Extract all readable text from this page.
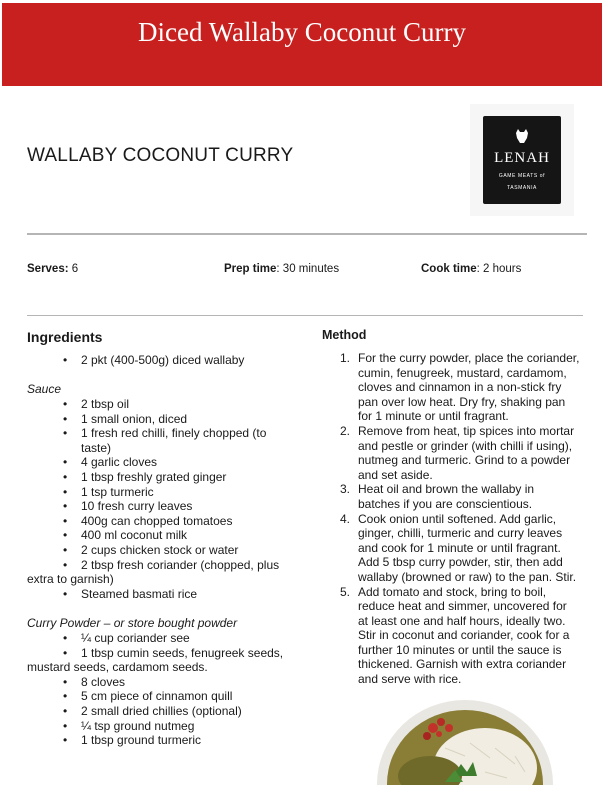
Diced Wallaby Coconut Curry
WALLABY COCONUT CURRY	LENAH
GAME MEATS of
TASMANIA
Serves: 6	Prep time: 30 minutes	Cook time: 2 hours
Ingredients
• 2 pkt (400-500g) diced wallaby
Sauce
• 2 tbsp oil
• 1 small onion, diced
• 1 fresh red chilli, finely chopped (to
taste)
• 4 garlic cloves
• 1 tbsp freshly grated ginger
• 1 tsp turmeric
• 10 fresh curry leaves
• 400g can chopped tomatoes
• 400 ml coconut milk
• 2 cups chicken stock or water
• 2 tbsp fresh coriander (chopped, plus
extra to garnish)
• Steamed basmati rice
Curry Powder – or store bought powder
• ¼ cup coriander see
• 1 tbsp cumin seeds, fenugreek seeds,
mustard seeds, cardamom seeds.
• 8 cloves
• 5 cm piece of cinnamon quill
• 2 small dried chillies (optional)
• ¼ tsp ground nutmeg
• 1 tbsp ground turmeric
Method
1. For the curry powder, place the coriander,
cumin, fenugreek, mustard, cardamom,
cloves and cinnamon in a non-stick fry
pan over low heat. Dry fry, shaking pan
for 1 minute or until fragrant.
2. Remove from heat, tip spices into mortar
and pestle or grinder (with chilli if using),
nutmeg and turmeric. Grind to a powder
and set aside.
3. Heat oil and brown the wallaby in
batches if you are conscientious.
4. Cook onion until softened. Add garlic,
ginger, chilli, turmeric and curry leaves
and cook for 1 minute or until fragrant.
Add 5 tbsp curry powder, stir, then add
wallaby (browned or raw) to the pan. Stir.
5. Add tomato and stock, bring to boil,
reduce heat and simmer, uncovered for
at least one and half hours, ideally two.
Stir in coconut and coriander, cook for a
further 10 minutes or until the sauce is
thickened. Garnish with extra coriander
and serve with rice.
